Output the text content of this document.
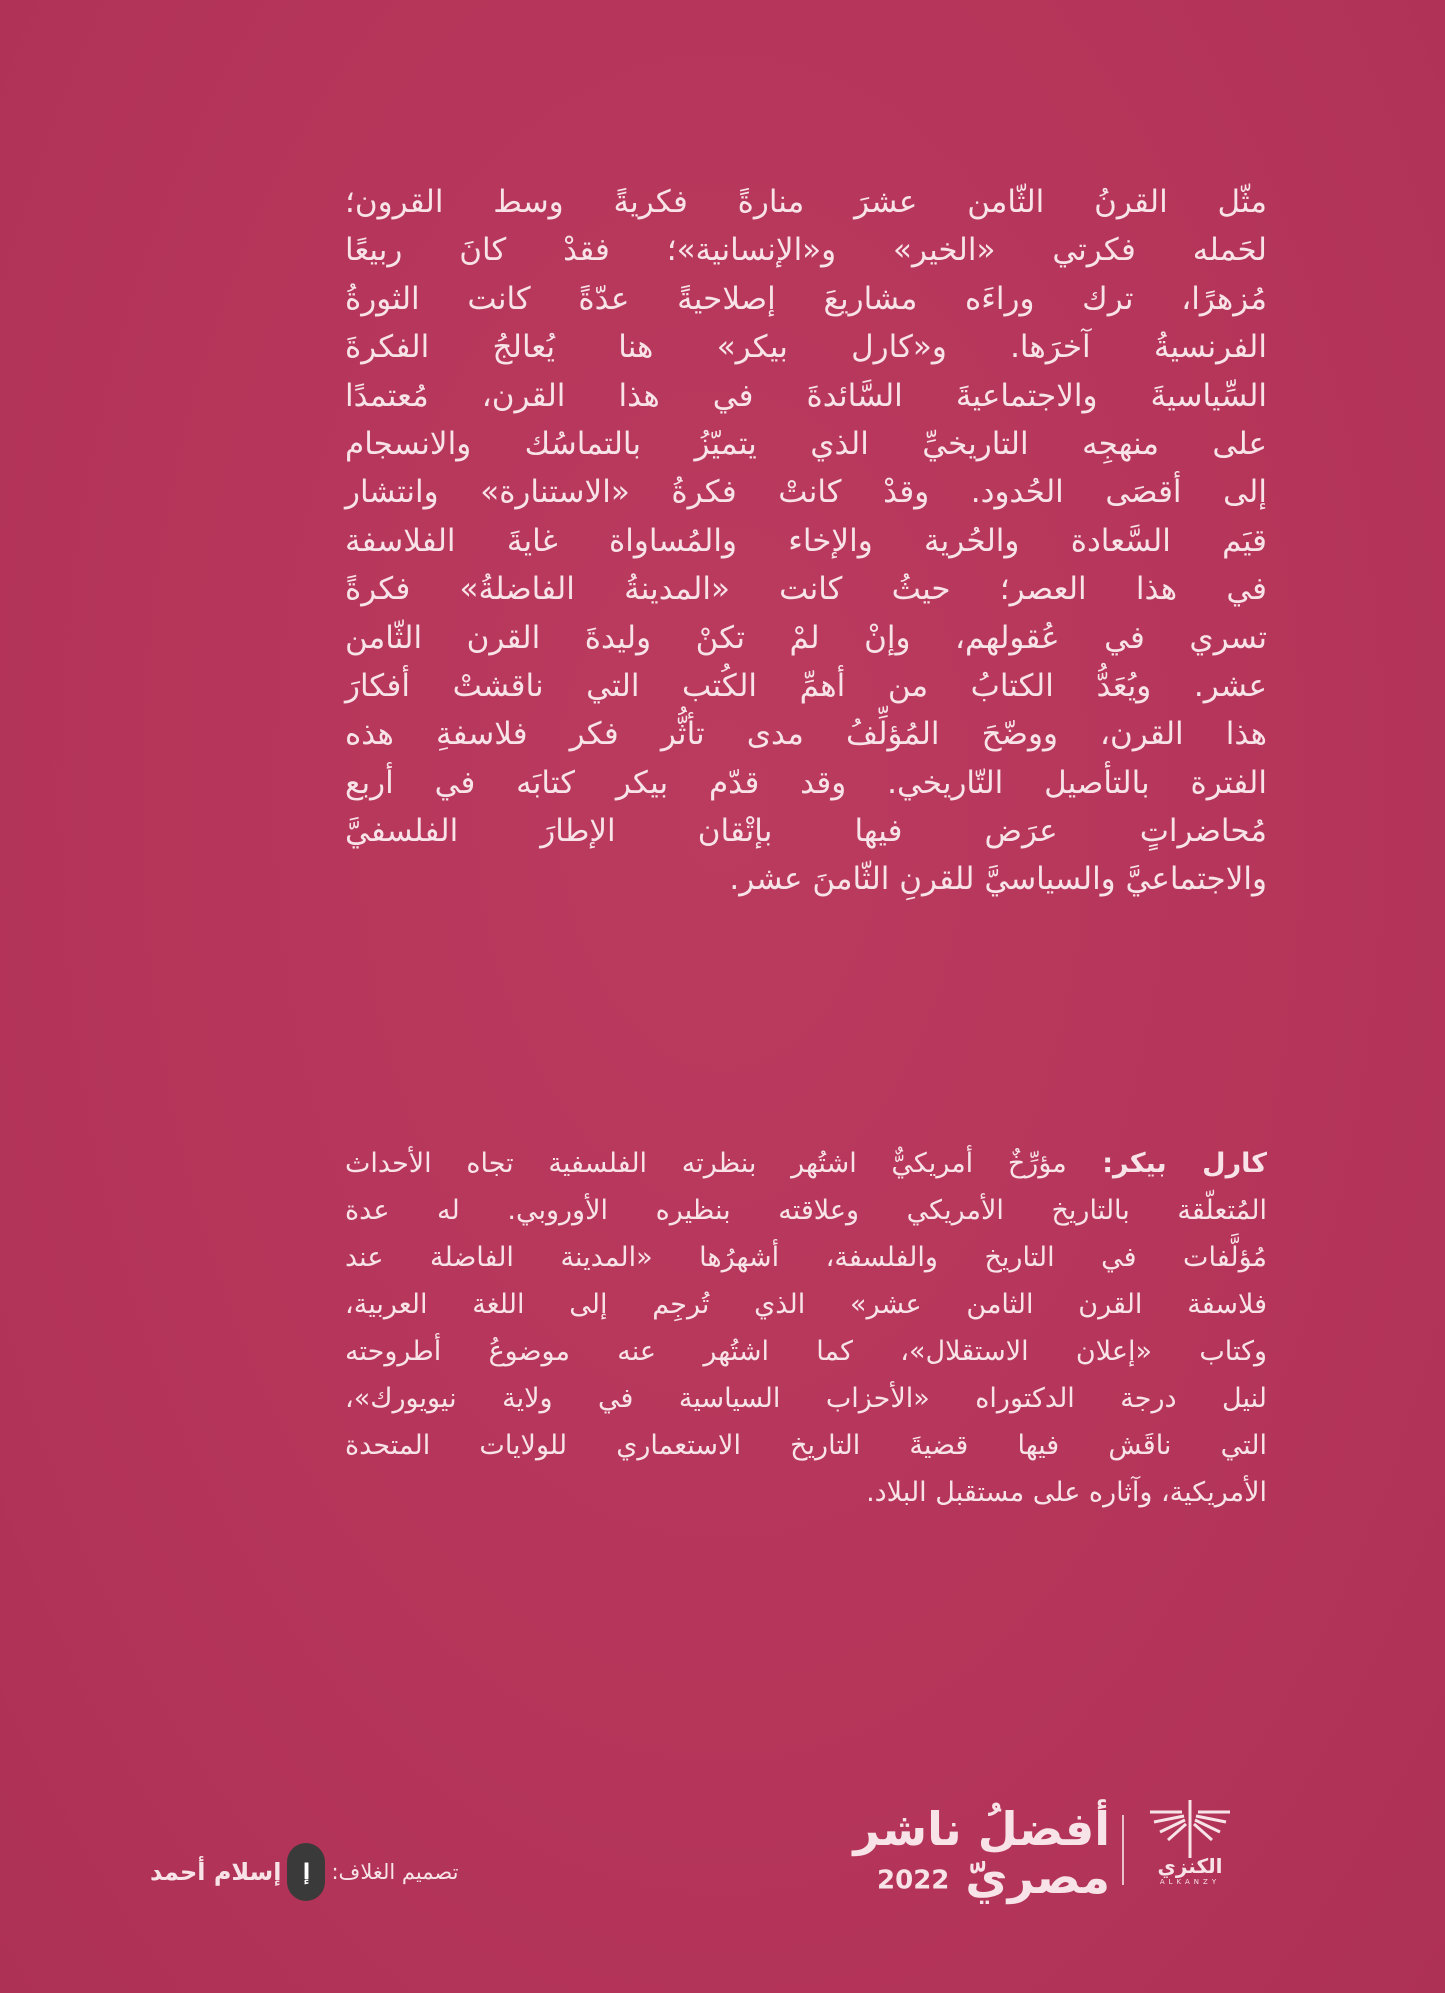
مثّل القرنُ الثّامن عشرَ منارةً فكريةً وسط القرون؛
لحَمله فكرتي «الخير» و«الإنسانية»؛ فقدْ كانَ ربيعًا
مُزهرًا، ترك وراءَه مشاريعَ إصلاحيةً عدّةً كانت الثورةُ
الفرنسيةُ آخرَها. و«كارل بيكر» هنا يُعالجُ الفكرةَ
السِّياسيةَ والاجتماعيةَ السَّائدةَ في هذا القرن، مُعتمدًا
على منهجِه التاريخيِّ الذي يتميّزُ بالتماسُك والانسجام
إلى أقصَى الحُدود. وقدْ كانتْ فكرةُ «الاستنارة» وانتشار
قيَم السَّعادة والحُرية والإخاء والمُساواة غايةَ الفلاسفة
في هذا العصر؛ حيثُ كانت «المدينةُ الفاضلةُ» فكرةً
تسري في عُقولهم، وإنْ لمْ تكنْ وليدةَ القرن الثّامن
عشر. ويُعَدُّ الكتابُ من أهمِّ الكُتب التي ناقشتْ أفكارَ
هذا القرن، ووضّحَ المُؤلِّفُ مدى تأثُّر فكر فلاسفةِ هذه
الفترة بالتأصيل التّاريخي. وقد قدّم بيكر كتابَه في أربع
مُحاضراتٍ عرَض فيها بإتْقان الإطارَ الفلسفيَّ
والاجتماعيَّ والسياسيَّ للقرنِ الثّامنَ عشر.
كارل بيكر: مؤرِّخٌ أمريكيٌّ اشتُهر بنظرته الفلسفية تجاه الأحداث
المُتعلّقة بالتاريخ الأمريكي وعلاقته بنظيره الأوروبي. له عدة
مُؤلَّفات في التاريخ والفلسفة، أشهرُها «المدينة الفاضلة عند
فلاسفة القرن الثامن عشر» الذي تُرجِم إلى اللغة العربية،
وكتاب «إعلان الاستقلال»، كما اشتُهر عنه موضوعُ أطروحته
لنيل درجة الدكتوراه «الأحزاب السياسية في ولاية نيويورك»،
التي ناقَش فيها قضيةَ التاريخ الاستعماري للولايات المتحدة
الأمريكية، وآثاره على مستقبل البلاد.
الكنزي
ALKANZY
أفضلُ ناشر
مصريّ 2022
تصميم الغلاف:
إ
إسلام أحمد
